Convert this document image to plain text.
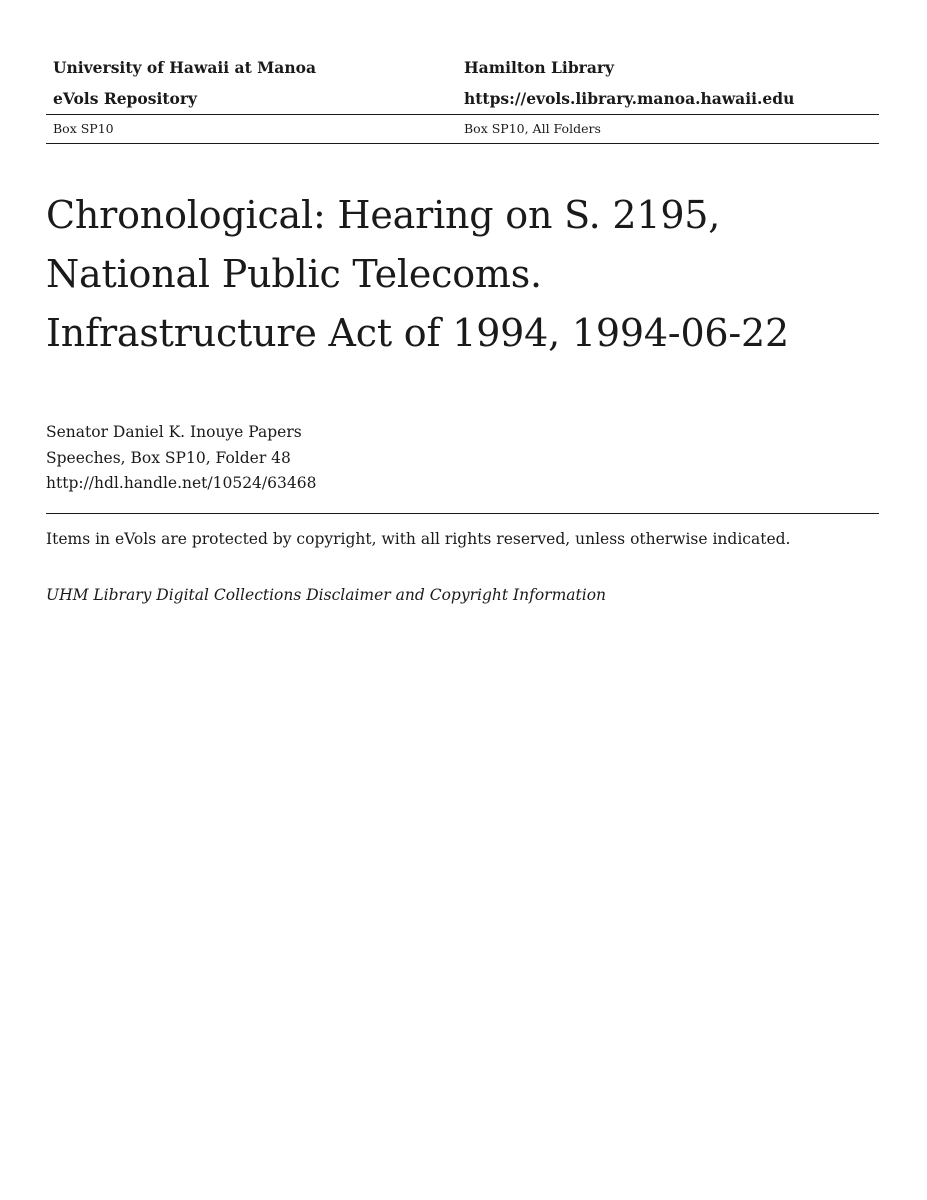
University of Hawaii at Manoa	Hamilton Library
eVols Repository	https://evols.library.manoa.hawaii.edu
Box SP10	Box SP10, All Folders
Chronological: Hearing on S. 2195,
National Public Telecoms.
Infrastructure Act of 1994, 1994-06-22
Senator Daniel K. Inouye Papers
Speeches, Box SP10, Folder 48
http://hdl.handle.net/10524/63468
Items in eVols are protected by copyright, with all rights reserved, unless otherwise indicated.
UHM Library Digital Collections Disclaimer and Copyright Information
